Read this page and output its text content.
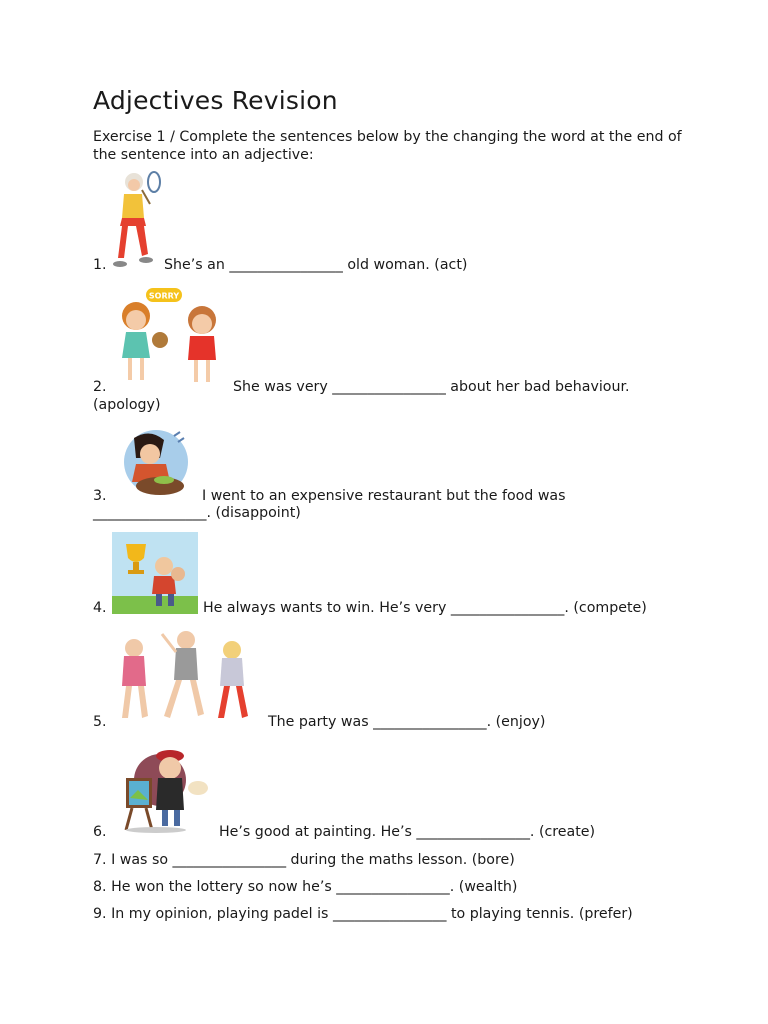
Adjectives Revision
Exercise 1 / Complete the sentences below by the changing the word at the end of the sentence into an adjective:
1.	She’s an ________________ old woman. (act)
SORRY
2.	She was very ________________ about her bad behaviour.
(apology)
3.	I went to an expensive restaurant but the food was
________________. (disappoint)
4.	He always wants to win. He’s very ________________. (compete)
5.	The party was ________________. (enjoy)
6.	He’s good at painting. He’s ________________. (create)
7. I was so ________________ during the maths lesson. (bore)
8. He won the lottery so now he’s ________________. (wealth)
9. In my opinion, playing padel is ________________ to playing tennis. (prefer)
